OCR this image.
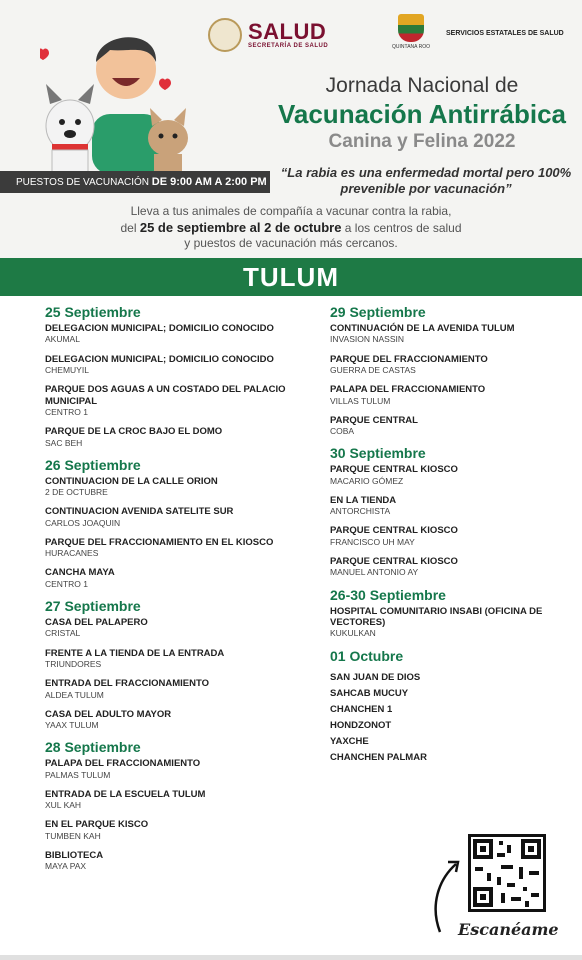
SALUD
SECRETARÍA DE SALUD	QUINTANA ROO
SERVICIOS ESTATALES DE SALUD
Jornada Nacional de
Vacunación Antirrábica
Canina y Felina 2022
PUESTOS DE VACUNACIÓN DE 9:00 AM A 2:00 PM
“La rabia es una enfermedad mortal pero 100% prevenible por vacunación”
Lleva a tus animales de compañía a vacunar contra la rabia,
del 25 de septiembre al 2 de octubre a los centros de salud
y puestos de vacunación más cercanos.
TULUM
25 Septiembre
DELEGACION MUNICIPAL; DOMICILIO CONOCIDO
AKUMAL
DELEGACION MUNICIPAL; DOMICILIO CONOCIDO
CHEMUYIL
PARQUE DOS AGUAS A UN COSTADO DEL PALACIO MUNICIPAL
CENTRO 1
PARQUE DE LA CROC BAJO EL DOMO
SAC BEH
26 Septiembre
CONTINUACION DE LA CALLE ORION
2 DE OCTUBRE
CONTINUACION AVENIDA SATELITE SUR
CARLOS JOAQUIN
PARQUE DEL FRACCIONAMIENTO EN EL KIOSCO
HURACANES
CANCHA MAYA
CENTRO 1
27 Septiembre
CASA DEL PALAPERO
CRISTAL
FRENTE A LA TIENDA DE LA ENTRADA
TRIUNDORES
ENTRADA DEL FRACCIONAMIENTO
ALDEA TULUM
CASA DEL ADULTO MAYOR
YAAX TULUM
28 Septiembre
PALAPA DEL FRACCIONAMIENTO
PALMAS TULUM
ENTRADA DE LA ESCUELA TULUM
XUL KAH
EN EL PARQUE KISCO
TUMBEN KAH
BIBLIOTECA
MAYA PAX
29 Septiembre
CONTINUACIÓN DE LA AVENIDA TULUM
INVASION NASSIN
PARQUE DEL FRACCIONAMIENTO
GUERRA DE CASTAS
PALAPA DEL FRACCIONAMIENTO
VILLAS TULUM
PARQUE CENTRAL
COBA
30 Septiembre
PARQUE CENTRAL KIOSCO
MACARIO GÓMEZ
EN LA TIENDA
ANTORCHISTA
PARQUE CENTRAL KIOSCO
FRANCISCO UH MAY
PARQUE CENTRAL KIOSCO
MANUEL ANTONIO AY
26-30 Septiembre
HOSPITAL COMUNITARIO INSABI (OFICINA DE VECTORES)
KUKULKAN
01 Octubre
SAN JUAN DE DIOS
SAHCAB MUCUY
CHANCHEN 1
HONDZONOT
YAXCHE
CHANCHEN PALMAR
Escanéame
